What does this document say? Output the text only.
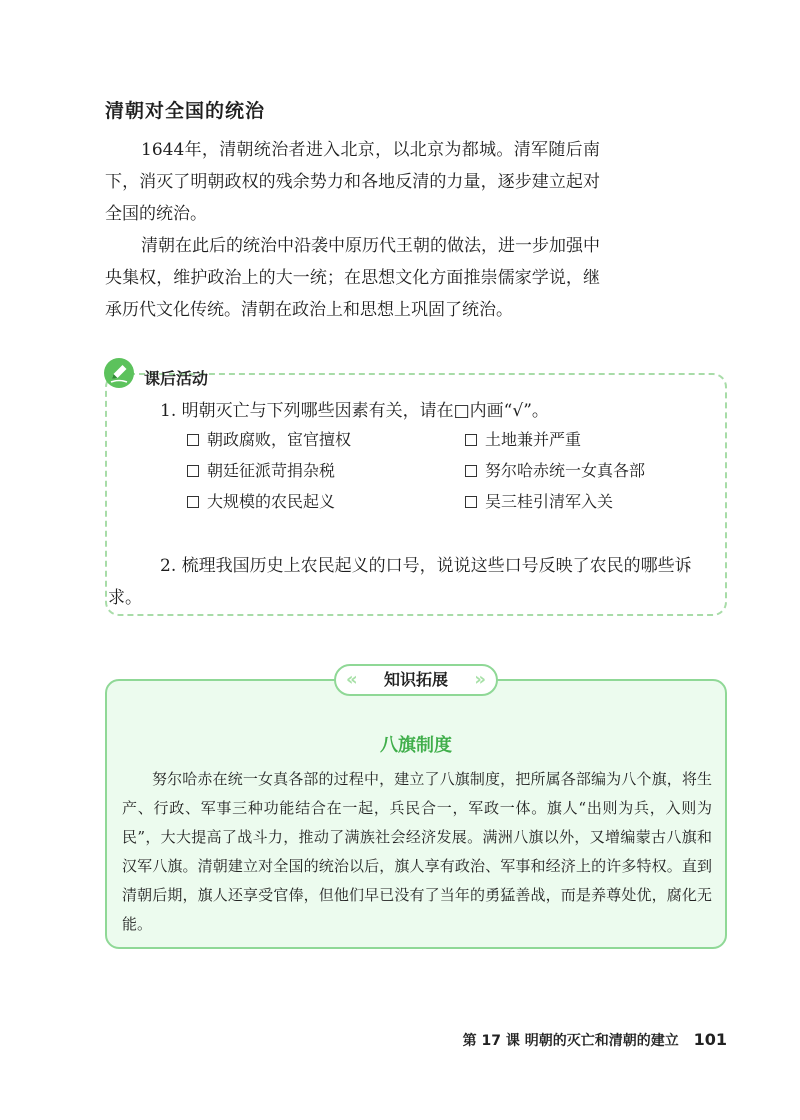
清朝对全国的统治

1644年，清朝统治者进入北京，以北京为都城。清军随后南下，消灭了明朝政权的残余势力和各地反清的力量，逐步建立起对全国的统治。

清朝在此后的统治中沿袭中原历代王朝的做法，进一步加强中央集权，维护政治上的大一统；在思想文化方面推崇儒家学说，继承历代文化传统。清朝在政治上和思想上巩固了统治。

课后活动

1. 明朝灭亡与下列哪些因素有关，请在□内画“√”。

朝政腐败，宦官擅权	土地兼并严重
朝廷征派苛捐杂税	努尔哈赤统一女真各部
大规模的农民起义	吴三桂引清军入关

2. 梳理我国历史上农民起义的口号，说说这些口号反映了农民的哪些诉求。

«	知识拓展	»
八旗制度

努尔哈赤在统一女真各部的过程中，建立了八旗制度，把所属各部编为八个旗，将生产、行政、军事三种功能结合在一起，兵民合一，军政一体。旗人“出则为兵，入则为民”，大大提高了战斗力，推动了满族社会经济发展。满洲八旗以外，又增编蒙古八旗和汉军八旗。清朝建立对全国的统治以后，旗人享有政治、军事和经济上的许多特权。直到清朝后期，旗人还享受官俸，但他们早已没有了当年的勇猛善战，而是养尊处优，腐化无能。

第 17 课 明朝的灭亡和清朝的建立 101
